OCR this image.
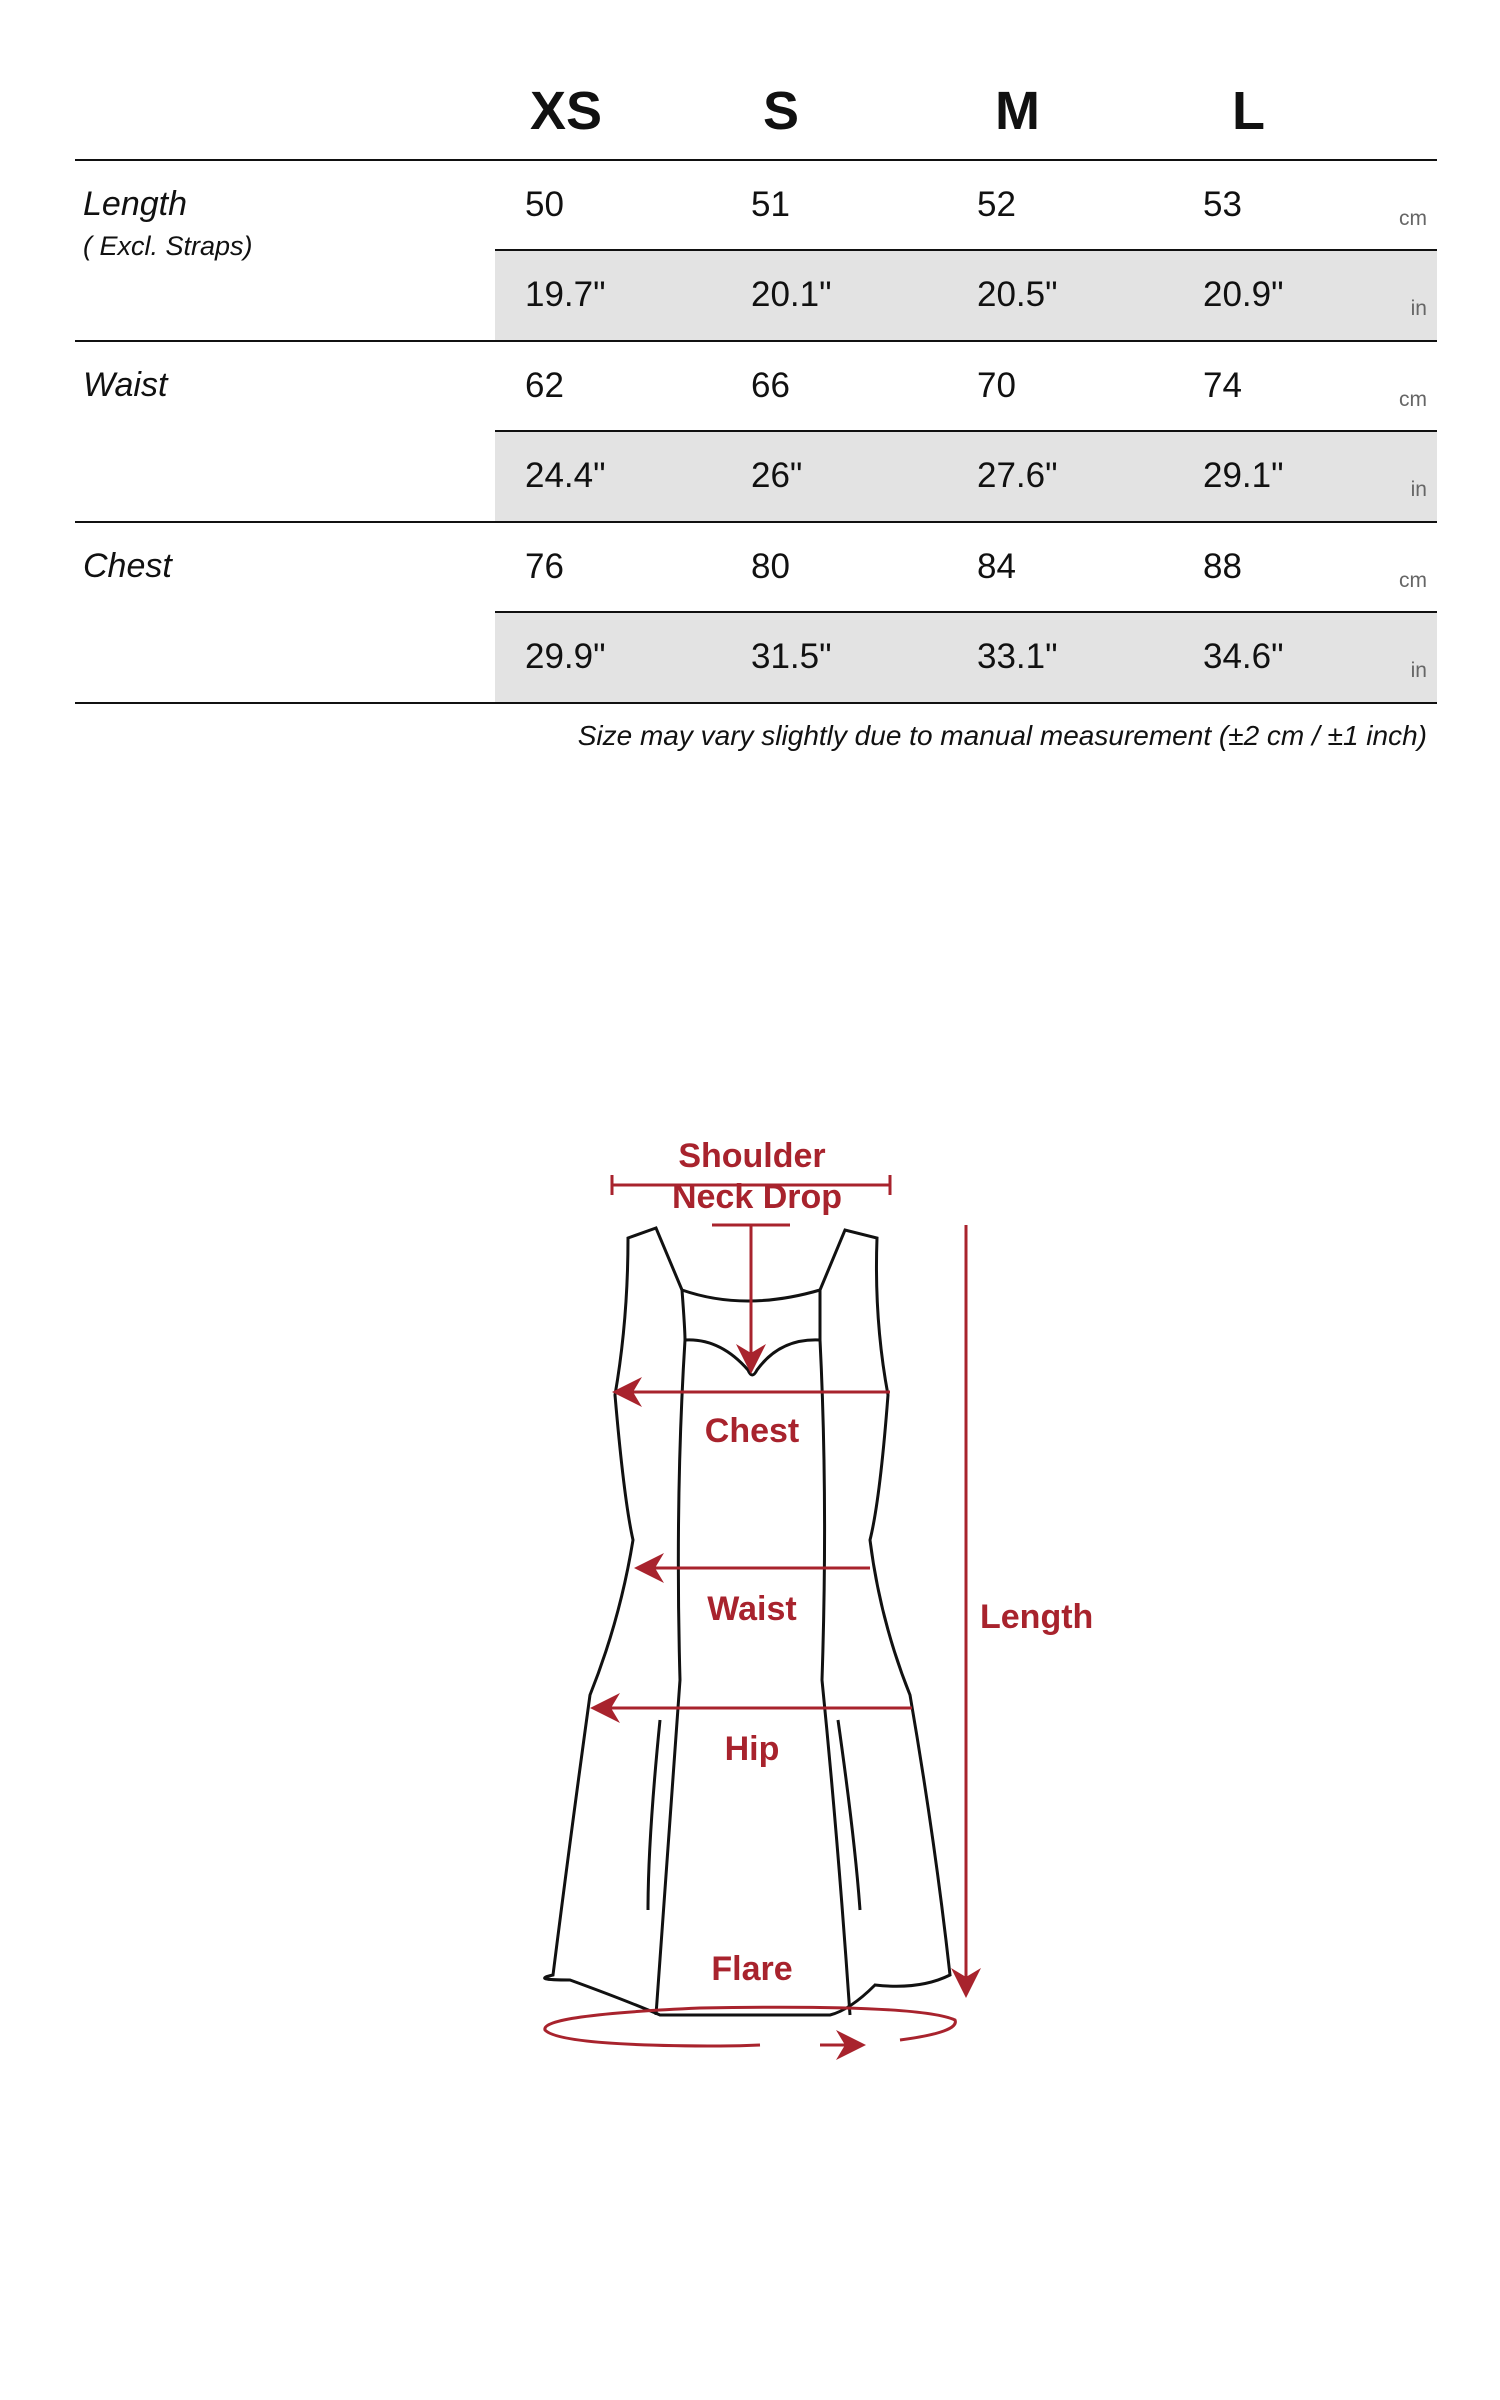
XS	S	M	L
Length
( Excl. Straps)
50	51	52	53	cm
19.7"	20.1"	20.5"	20.9"	in
Waist	62	66	70	74	cm
24.4"	26"	27.6"	29.1"	in
Chest	76	80	84	88	cm
29.9"	31.5"	33.1"	34.6"	in
Size may vary slightly due to manual measurement (±2 cm / ±1 inch)
Shoulder
Neck Drop
Chest
Waist
Hip
Length
Flare
